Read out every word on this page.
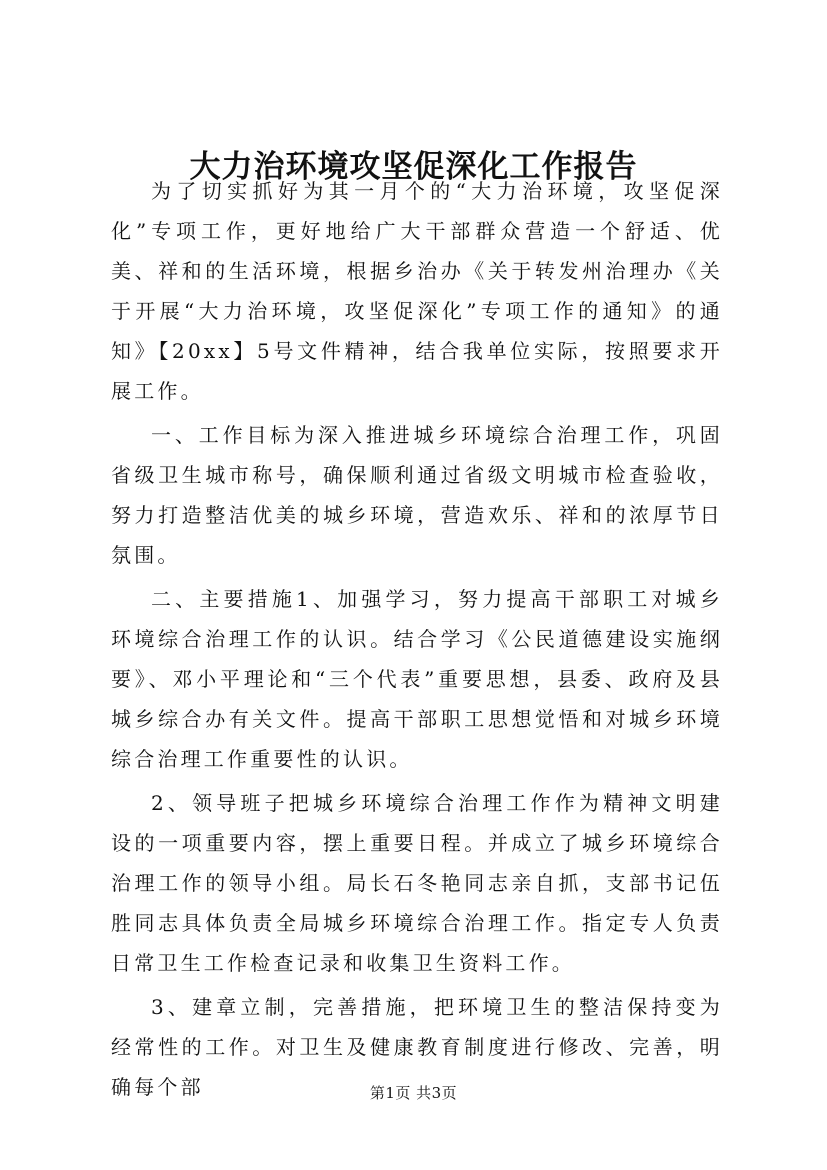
大力治环境攻坚促深化工作报告

为了切实抓好为其一月个的“大力治环境，攻坚促深化”专项工作，更好地给广大干部群众营造一个舒适、优美、祥和的生活环境，根据乡治办《关于转发州治理办《关于开展“大力治环境，攻坚促深化”专项工作的通知》的通知》【20xx】5号文件精神，结合我单位实际，按照要求开展工作。

一、工作目标为深入推进城乡环境综合治理工作，巩固省级卫生城市称号，确保顺利通过省级文明城市检查验收，努力打造整洁优美的城乡环境，营造欢乐、祥和的浓厚节日氛围。

二、主要措施1、加强学习，努力提高干部职工对城乡环境综合治理工作的认识。结合学习《公民道德建设实施纲要》、邓小平理论和“三个代表”重要思想，县委、政府及县城乡综合办有关文件。提高干部职工思想觉悟和对城乡环境综合治理工作重要性的认识。

2、领导班子把城乡环境综合治理工作作为精神文明建设的一项重要内容，摆上重要日程。并成立了城乡环境综合治理工作的领导小组。局长石冬艳同志亲自抓，支部书记伍胜同志具体负责全局城乡环境综合治理工作。指定专人负责日常卫生工作检查记录和收集卫生资料工作。

3、建章立制，完善措施，把环境卫生的整洁保持变为经常性的工作。对卫生及健康教育制度进行修改、完善，明确每个部	第1页 共3页
